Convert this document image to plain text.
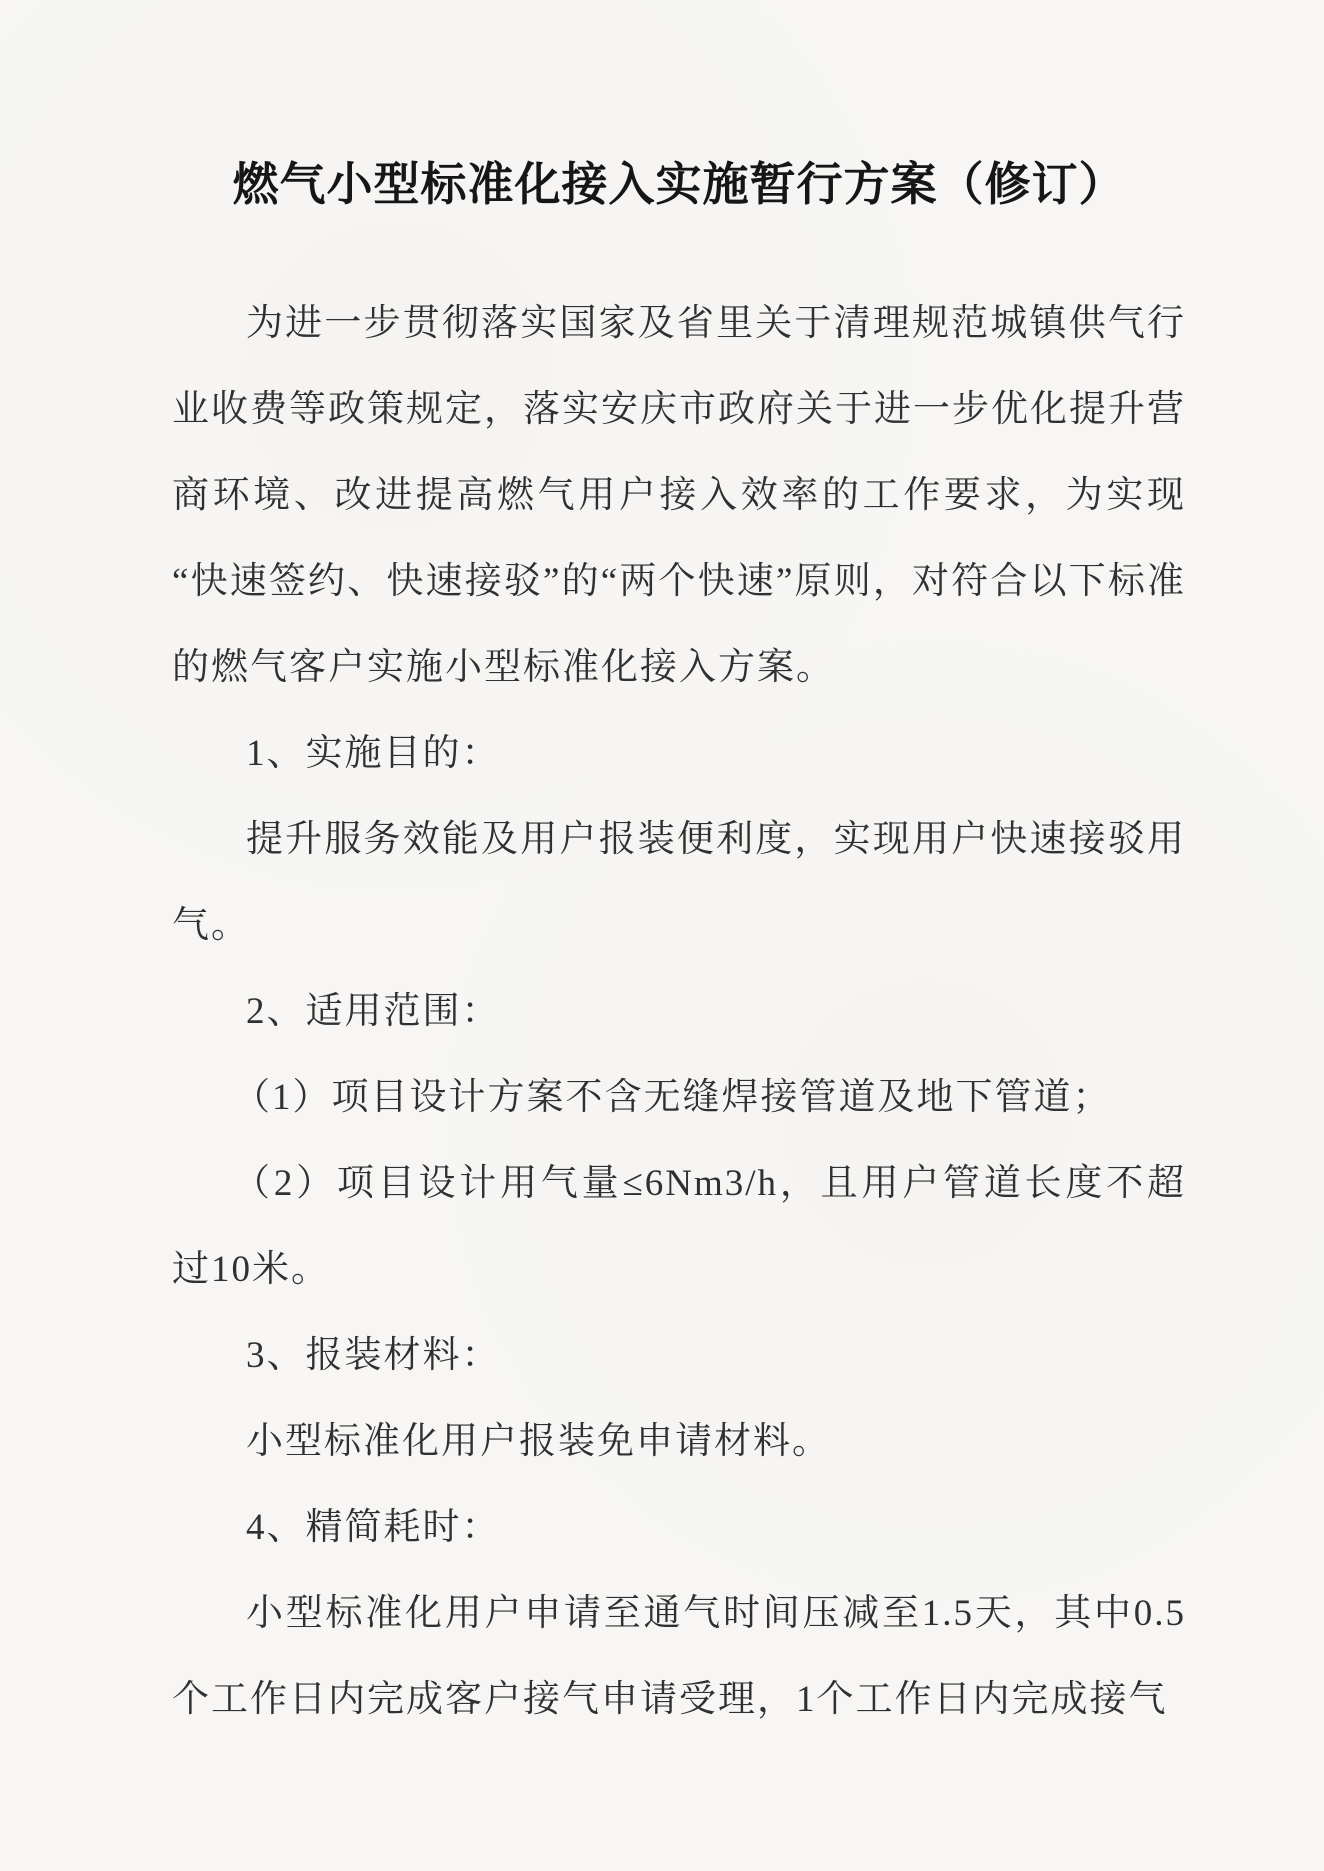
燃气小型标准化接入实施暂行方案（修订）

为进一步贯彻落实国家及省里关于清理规范城镇供气行业收费等政策规定，落实安庆市政府关于进一步优化提升营商环境、改进提高燃气用户接入效率的工作要求，为实现“快速签约、快速接驳”的“两个快速”原则，对符合以下标准的燃气客户实施小型标准化接入方案。

1、实施目的：

提升服务效能及用户报装便利度，实现用户快速接驳用气。

2、适用范围：

（1）项目设计方案不含无缝焊接管道及地下管道；

（2）项目设计用气量≤6Nm3/h，且用户管道长度不超过10米。

3、报装材料：

小型标准化用户报装免申请材料。

4、精简耗时：

小型标准化用户申请至通气时间压减至1.5天，其中0.5个工作日内完成客户接气申请受理，1个工作日内完成接气
